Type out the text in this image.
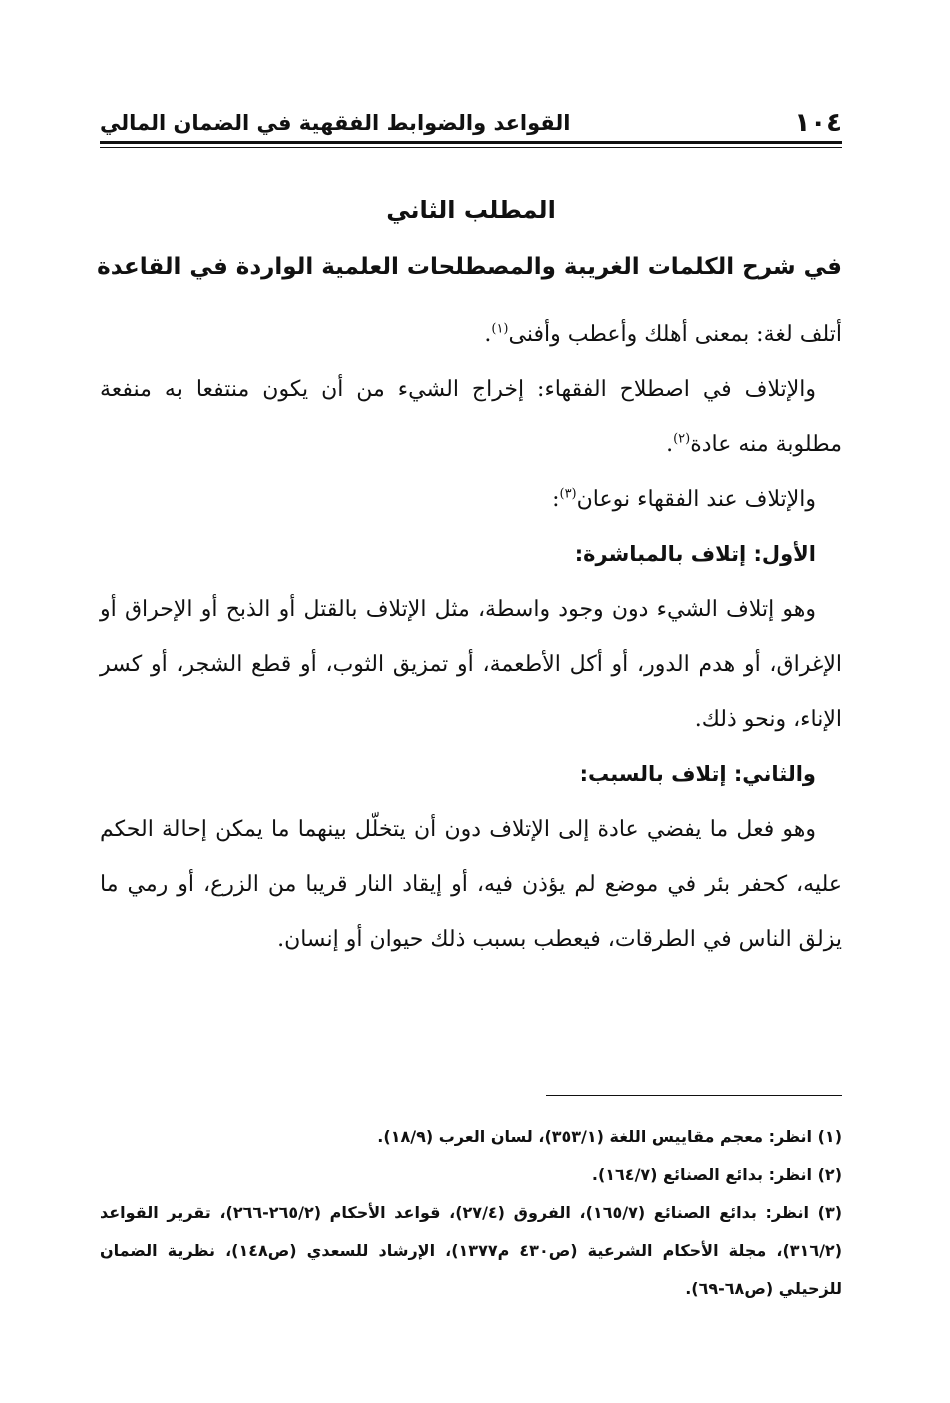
١٠٤
القواعد والضوابط الفقهية في الضمان المالي
المطلب الثاني
في شرح الكلمات الغريبة والمصطلحات العلمية الواردة في القاعدة

أتلف لغة: بمعنى أهلك وأعطب وأفنى$^{(١)}$.

والإتلاف في اصطلاح الفقهاء: إخراج الشيء من أن يكون منتفعا به منفعة مطلوبة منه عادة$^{(٢)}$.

والإتلاف عند الفقهاء نوعان$^{(٣)}$:

الأول: إتلاف بالمباشرة:

وهو إتلاف الشيء دون وجود واسطة، مثل الإتلاف بالقتل أو الذبح أو الإحراق أو الإغراق، أو هدم الدور، أو أكل الأطعمة، أو تمزيق الثوب، أو قطع الشجر، أو كسر الإناء، ونحو ذلك.

والثاني: إتلاف بالسبب:

وهو فعل ما يفضي عادة إلى الإتلاف دون أن يتخلّل بينهما ما يمكن إحالة الحكم عليه، كحفر بئر في موضع لم يؤذن فيه، أو إيقاد النار قريبا من الزرع، أو رمي ما يزلق الناس في الطرقات، فيعطب بسبب ذلك حيوان أو إنسان.

(١) انظر: معجم مقاييس اللغة (٣٥٣/١)، لسان العرب (١٨/٩).

(٢) انظر: بدائع الصنائع (١٦٤/٧).

(٣) انظر: بدائع الصنائع (١٦٥/٧)، الفروق (٢٧/٤)، قواعد الأحكام (٢٦٥/٢-٢٦٦)، تقرير القواعد (٣١٦/٢)، مجلة الأحكام الشرعية (ص٤٣٠ م١٣٧٧)، الإرشاد للسعدي (ص١٤٨)، نظرية الضمان للزحيلي (ص٦٨-٦٩).
